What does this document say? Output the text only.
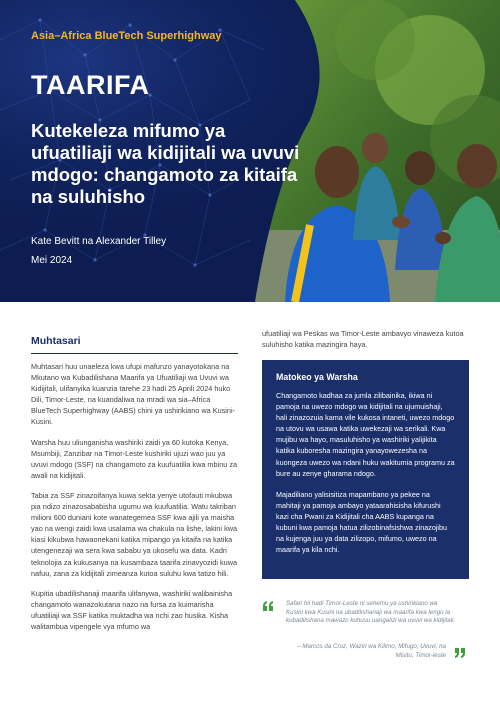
Asia–Africa BlueTech Superhighway
TAARIFA
Kutekeleza mifumo ya ufuatiliaji wa kidijitali wa uvuvi mdogo: changamoto za kitaifa na suluhisho
Kate Bevitt na Alexander Tilley
Mei 2024
Muhtasari

Muhtasari huu unaeleza kwa ufupi mafunzo yanayotokana na Mkutano wa Kubadilishana Maarifa ya Ufuatiliaji wa Uvuvi wa Kidijitali, ulifanyika kuanzia tarehe 23 hadi 25 Aprili 2024 huko Dili, Timor-Leste, na kuandaliwa na mradi wa sia–Africa BlueTech Superhighway (AABS) chini ya ushirikiano wa Kusini-Kusini.

Warsha huu uliunganisha washiriki zaidi ya 60 kutoka Kenya, Msumbiji, Zanzibar na Timor-Leste kushiriki ujuzi wao juu ya uvuvi mdogo (SSF) na changamoto za kuufuatilia kwa mbinu za awali na kidijitali.

Tabia za SSF zinazoifanya kuwa sekta yenye utofauti mkubwa pia ndizo zinazosababisha ugumu wa kuufuatilia. Watu takriban milioni 600 duniani kote wanategemea SSF kwa ajili ya maisha yao na wengi zaidi kwa usalama wa chakula na lishe, lakini kwa kiasi kikubwa hawaonekani katika mipango ya kitaifa na katika utengenezaji wa sera kwa sababu ya ukosefu wa data. Kadri teknolojia za kukusanya na kusambaza taarifa zinavyozidi kuwa nafuu, zana za kidijitali zimeanza kutoa suluhu kwa tatizo hili.

Kupitia ubadilishanaji maarifa ulifanywa, washiriki walibainisha changamoto wanazokutana nazo na fursa za kuimarisha ufuatiliaji wa SSF katika muktadha wa nchi zao husika. Kisha walitambua vipengele vya mfumo wa

ufuatiliaji wa Peskas wa Timor-Leste ambavyo vinaweza kutoa suluhisho katika mazingira haya.

Matokeo ya Warsha

Changamoto kadhaa za jumla zilibainika, ikiwa ni pamoja na uwezo mdogo wa kidijitali na ujumuishaji, hali zinazozuia kama vile kukosa intaneti, uwezo mdogo na utovu wa usawa katika uwekezaji wa serikali. Kwa mujibu wa hayo, masuluhisho ya washiriki yalijikita katika kuboresha mazingira yanayowezesha na kuongeza uwezo wa ndani huku wakitumia programu za bure au zenye gharama ndogo.

Majadiliano yalisisitiza mapambano ya pekee na mahitaji ya pamoja ambayo yataarahisisha kifurushi kazi cha Pwani za Kidijitali cha AABS kupanga na kubuni kwa pamoja hatua zilizobinafsishwa zinazojibu na kujenga juu ya data zilizopo, mifumo, uwezo na maarifa ya kila nchi.

Safari hii hadi Timor-Leste ni sehemu ya ushirikiano wa Kusini kwa Kusini na ubadilishanaji wa maarifa kwa lengo la kubadilishana mawazo kuhusu uangalizi wa uvuvi wa kidijitali.

– Marcos da Cruz, Waziri wa Kilimo, Mifugo, Uvuvi, na Misitu, Timor-leste
